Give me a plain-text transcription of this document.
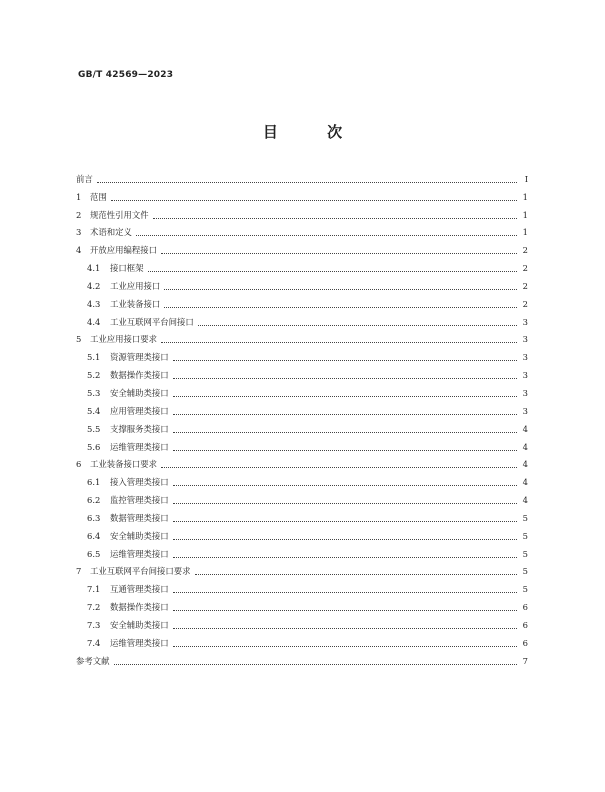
GB/T 42569—2023
目 次
前言	Ⅰ
1	范围	1
2	规范性引用文件	1
3	术语和定义	1
4	开放应用编程接口	2
4.1	接口框架	2
4.2	工业应用接口	2
4.3	工业装备接口	2
4.4	工业互联网平台间接口	3
5	工业应用接口要求	3
5.1	资源管理类接口	3
5.2	数据操作类接口	3
5.3	安全辅助类接口	3
5.4	应用管理类接口	3
5.5	支撑服务类接口	4
5.6	运维管理类接口	4
6	工业装备接口要求	4
6.1	接入管理类接口	4
6.2	监控管理类接口	4
6.3	数据管理类接口	5
6.4	安全辅助类接口	5
6.5	运维管理类接口	5
7	工业互联网平台间接口要求	5
7.1	互通管理类接口	5
7.2	数据操作类接口	6
7.3	安全辅助类接口	6
7.4	运维管理类接口	6
参考文献	7
